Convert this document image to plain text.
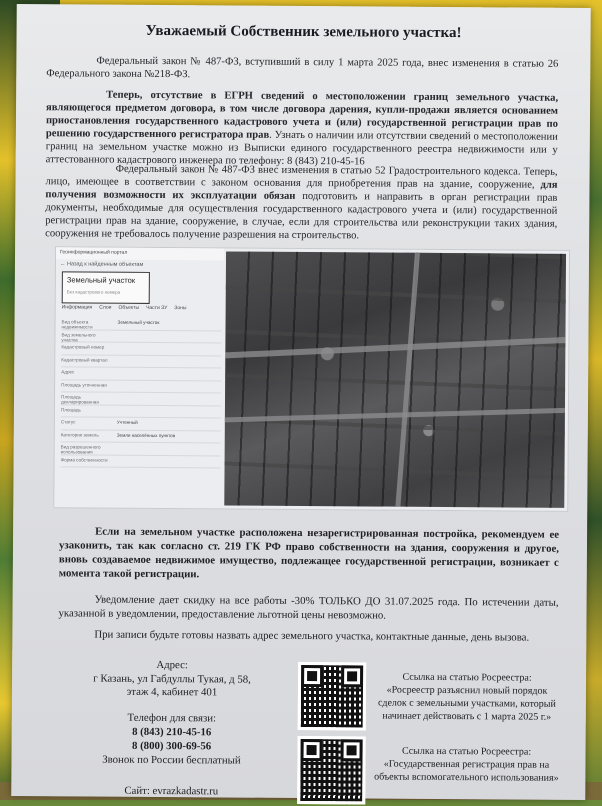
Уважаемый Собственник земельного участка!
Федеральный закон № 487-ФЗ, вступивший в силу 1 марта 2025 года, внес изменения в статью 26 Федерального закона №218-ФЗ.
Теперь, отсутствие в ЕГРН сведений о местоположении границ земельного участка, являющегося предметом договора, в том числе договора дарения, купли-продажи является основанием приостановления государственного кадастрового учета и (или) государственной регистрации прав по решению государственного регистратора прав. Узнать о наличии или отсутствии сведений о местоположении границ на земельном участке можно из Выписки единого государственного реестра недвижимости или у аттестованного кадастрового инженера по телефону: 8 (843) 210-45-16
Федеральный закон № 487-ФЗ внес изменения в статью 52 Градостроительного кодекса. Теперь, лицо, имеющее в соответствии с законом основания для приобретения прав на здание, сооружение, для получения возможности их эксплуатации обязан подготовить и направить в орган регистрации прав документы, необходимые для осуществления государственного кадастрового учета и (или) государственной регистрации прав на здание, сооружение, в случае, если для строительства или реконструкции таких здания, сооружения не требовалось получение разрешения на строительство.
Геоинформационный портал
← Назад к найденным объектам
Земельный участок
Без кадастрового номера
Информация Слои Объекты Части ЗУ Зоны
Вид объекта недвижимости
Земельный участок
Вид земельного участка
Кадастровый номер
Кадастровый квартал
Адрес
Площадь уточненная
Площадь декларированная
Площадь
Статус	Учтенный
Категория земель	Земли населённых пунктов
Вид разрешенного использования
Форма собственности
Если на земельном участке расположена незарегистрированная постройка, рекомендуем ее узаконить, так как согласно ст. 219 ГК РФ право собственности на здания, сооружения и другое, вновь создаваемое недвижимое имущество, подлежащее государственной регистрации, возникает с момента такой регистрации.
Уведомление дает скидку на все работы -30% ТОЛЬКО ДО 31.07.2025 года. По истечении даты, указанной в уведомлении, предоставление льготной цены невозможно.
При записи будьте готовы назвать адрес земельного участка, контактные данные, день вызова.
Адрес:
г Казань, ул Габдуллы Тукая, д 58,
этаж 4, кабинет 401
Телефон для связи:
8 (843) 210-45-16
8 (800) 300-69-56
Звонок по России бесплатный
Сайт: evrazkadastr.ru
Ссылка на статью Росреестра:
«Росреестр разъяснил новый порядок сделок с земельными участками, который начинает действовать с 1 марта 2025 г.»
Ссылка на статью Росреестра:
«Государственная регистрация прав на объекты вспомогательного использования»
